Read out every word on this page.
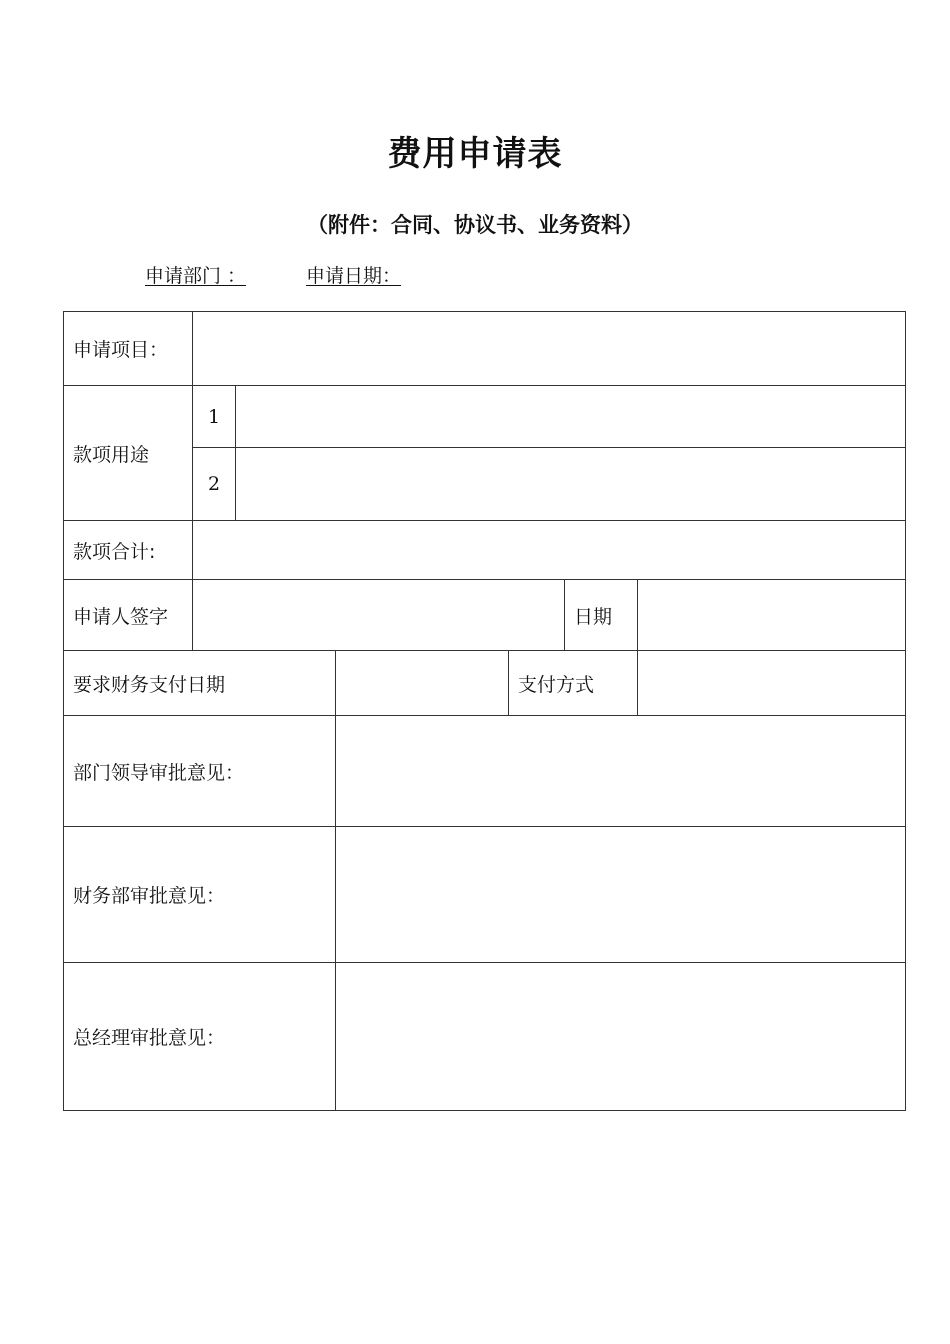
费用申请表
（附件：合同、协议书、业务资料）
申请部门 ：	申请日期：
申请项目：						
款项用途	1					
	2					
款项合计:						
申请人签字					日期	
要求财务支付日期				支付方式		
部门领导审批意见：						
财务部审批意见：						
总经理审批意见：						
